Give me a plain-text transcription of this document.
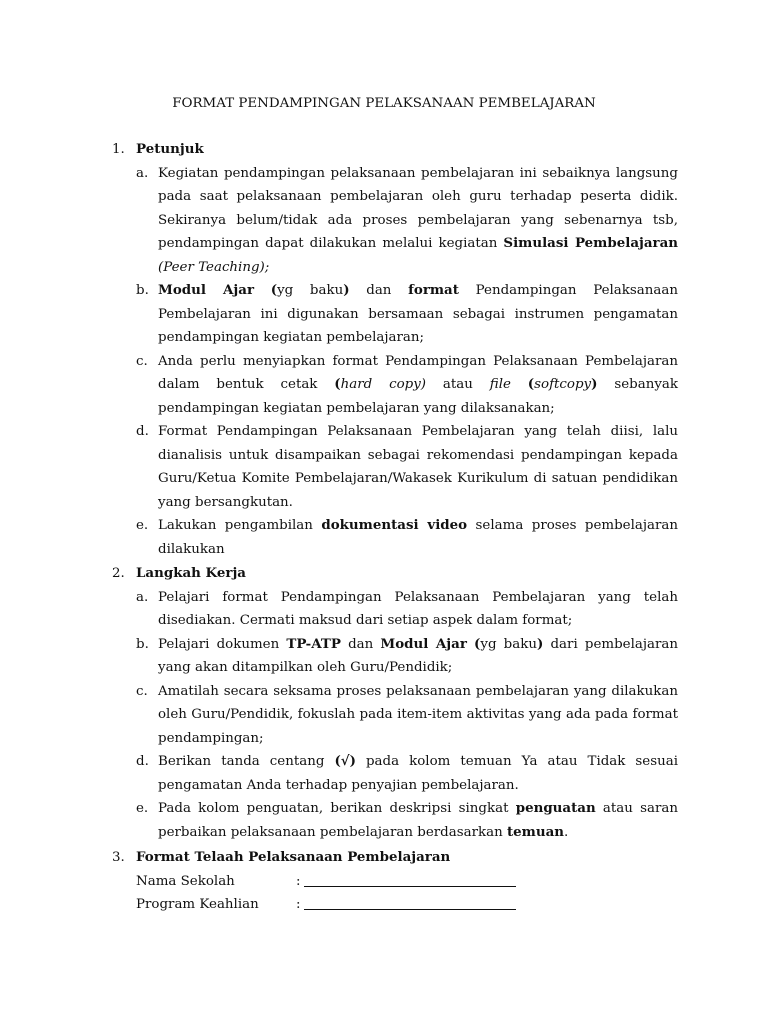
FORMAT PENDAMPINGAN PELAKSANAAN PEMBELAJARAN
1. Petunjuk
a. Kegiatan pendampingan pelaksanaan pembelajaran ini sebaiknya langsung pada saat pelaksanaan pembelajaran oleh guru terhadap peserta didik. Sekiranya belum/tidak ada proses pembelajaran yang sebenarnya tsb, pendampingan dapat dilakukan melalui kegiatan Simulasi Pembelajaran (Peer Teaching);
b. Modul Ajar (yg baku) dan format Pendampingan Pelaksanaan Pembelajaran ini digunakan bersamaan sebagai instrumen pengamatan pendampingan kegiatan pembelajaran;
c. Anda perlu menyiapkan format Pendampingan Pelaksanaan Pembelajaran dalam bentuk cetak (hard copy) atau file (softcopy) sebanyak pendampingan kegiatan pembelajaran yang dilaksanakan;
d. Format Pendampingan Pelaksanaan Pembelajaran yang telah diisi, lalu dianalisis untuk disampaikan sebagai rekomendasi pendampingan kepada Guru/Ketua Komite Pembelajaran/Wakasek Kurikulum di satuan pendidikan yang bersangkutan.
e. Lakukan pengambilan dokumentasi video selama proses pembelajaran dilakukan
2. Langkah Kerja
a. Pelajari format Pendampingan Pelaksanaan Pembelajaran yang telah disediakan. Cermati maksud dari setiap aspek dalam format;
b. Pelajari dokumen TP-ATP dan Modul Ajar (yg baku) dari pembelajaran yang akan ditampilkan oleh Guru/Pendidik;
c. Amatilah secara seksama proses pelaksanaan pembelajaran yang dilakukan oleh Guru/Pendidik, fokuslah pada item-item aktivitas yang ada pada format pendampingan;
d. Berikan tanda centang (√) pada kolom temuan Ya atau Tidak sesuai pengamatan Anda terhadap penyajian pembelajaran.
e. Pada kolom penguatan, berikan deskripsi singkat penguatan atau saran perbaikan pelaksanaan pembelajaran berdasarkan temuan.
3. Format Telaah Pelaksanaan Pembelajaran
Nama Sekolah	:
Program Keahlian	:
